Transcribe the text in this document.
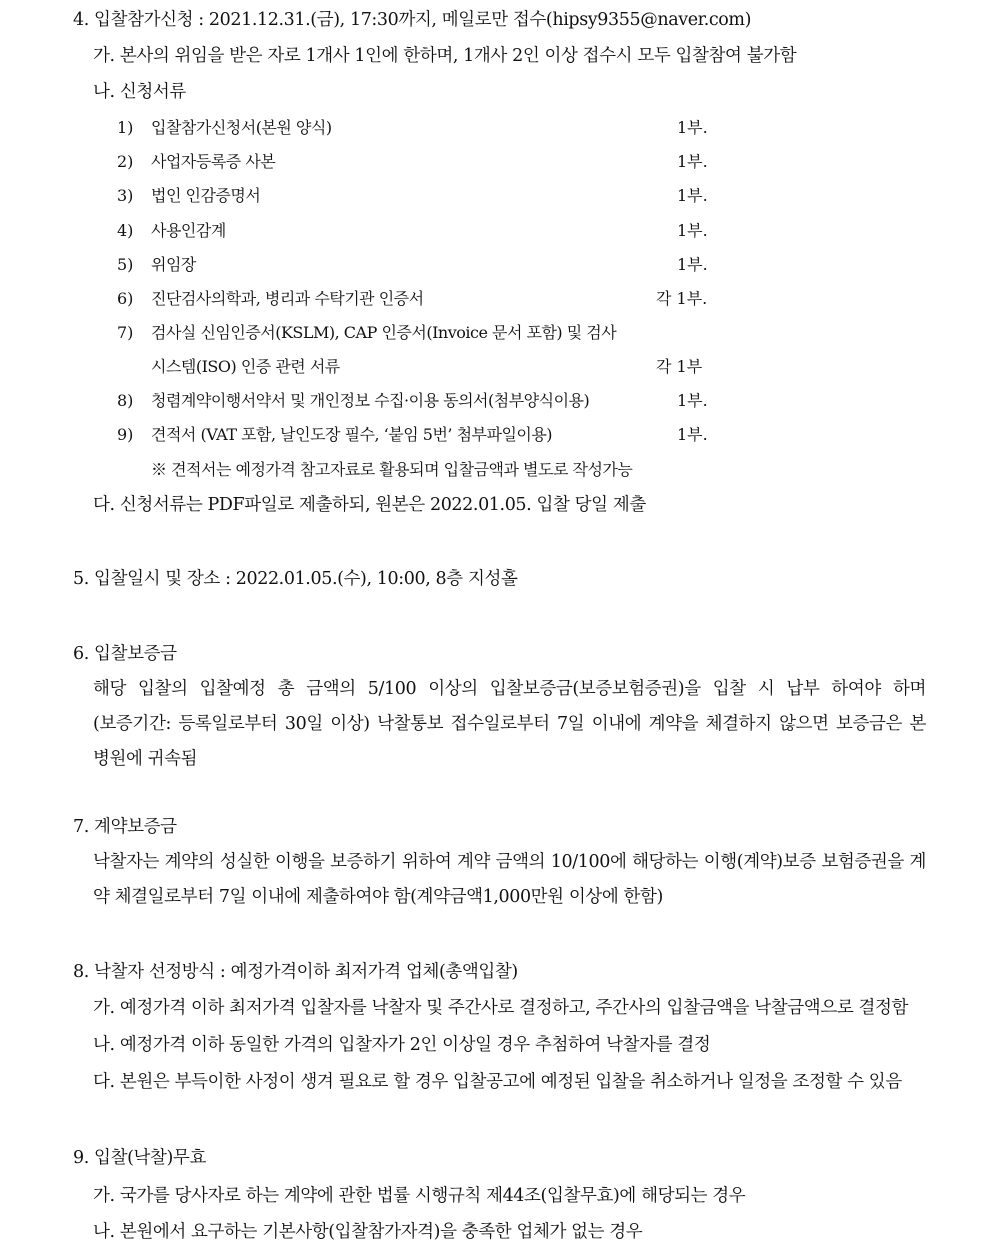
4. 입찰참가신청 : 2021.12.31.(금), 17:30까지, 메일로만 접수(hipsy9355@naver.com)
가. 본사의 위임을 받은 자로 1개사 1인에 한하며, 1개사 2인 이상 접수시 모두 입찰참여 불가함
나. 신청서류
1) 입찰참가신청서(본원 양식)	1부.
2) 사업자등록증 사본	1부.
3) 법인 인감증명서	1부.
4) 사용인감계	1부.
5) 위임장	1부.
6) 진단검사의학과, 병리과 수탁기관 인증서	각 1부.
7) 검사실 신임인증서(KSLM), CAP 인증서(Invoice 문서 포함) 및 검사
시스템(ISO) 인증 관련 서류	각 1부
8) 청렴계약이행서약서 및 개인정보 수집·이용 동의서(첨부양식이용)	1부.
9) 견적서 (VAT 포함, 날인도장 필수, ‘붙임 5번’ 첨부파일이용)	1부.
※ 견적서는 예정가격 참고자료로 활용되며 입찰금액과 별도로 작성가능
다. 신청서류는 PDF파일로 제출하되, 원본은 2022.01.05. 입찰 당일 제출
5. 입찰일시 및 장소 : 2022.01.05.(수), 10:00, 8층 지성홀
6. 입찰보증금
해당 입찰의 입찰예정 총 금액의 5/100 이상의 입찰보증금(보증보험증권)을 입찰 시 납부 하여야 하며
(보증기간: 등록일로부터 30일 이상) 낙찰통보 접수일로부터 7일 이내에 계약을 체결하지 않으면 보증금은 본
병원에 귀속됨
7. 계약보증금
낙찰자는 계약의 성실한 이행을 보증하기 위하여 계약 금액의 10/100에 해당하는 이행(계약)보증 보험증권을 계
약 체결일로부터 7일 이내에 제출하여야 함(계약금액1,000만원 이상에 한함)
8. 낙찰자 선정방식 : 예정가격이하 최저가격 업체(총액입찰)
가. 예정가격 이하 최저가격 입찰자를 낙찰자 및 주간사로 결정하고, 주간사의 입찰금액을 낙찰금액으로 결정함
나. 예정가격 이하 동일한 가격의 입찰자가 2인 이상일 경우 추첨하여 낙찰자를 결정
다. 본원은 부득이한 사정이 생겨 필요로 할 경우 입찰공고에 예정된 입찰을 취소하거나 일정을 조정할 수 있음
9. 입찰(낙찰)무효
가. 국가를 당사자로 하는 계약에 관한 법률 시행규칙 제44조(입찰무효)에 해당되는 경우
나. 본원에서 요구하는 기본사항(입찰참가자격)을 충족한 업체가 없는 경우
